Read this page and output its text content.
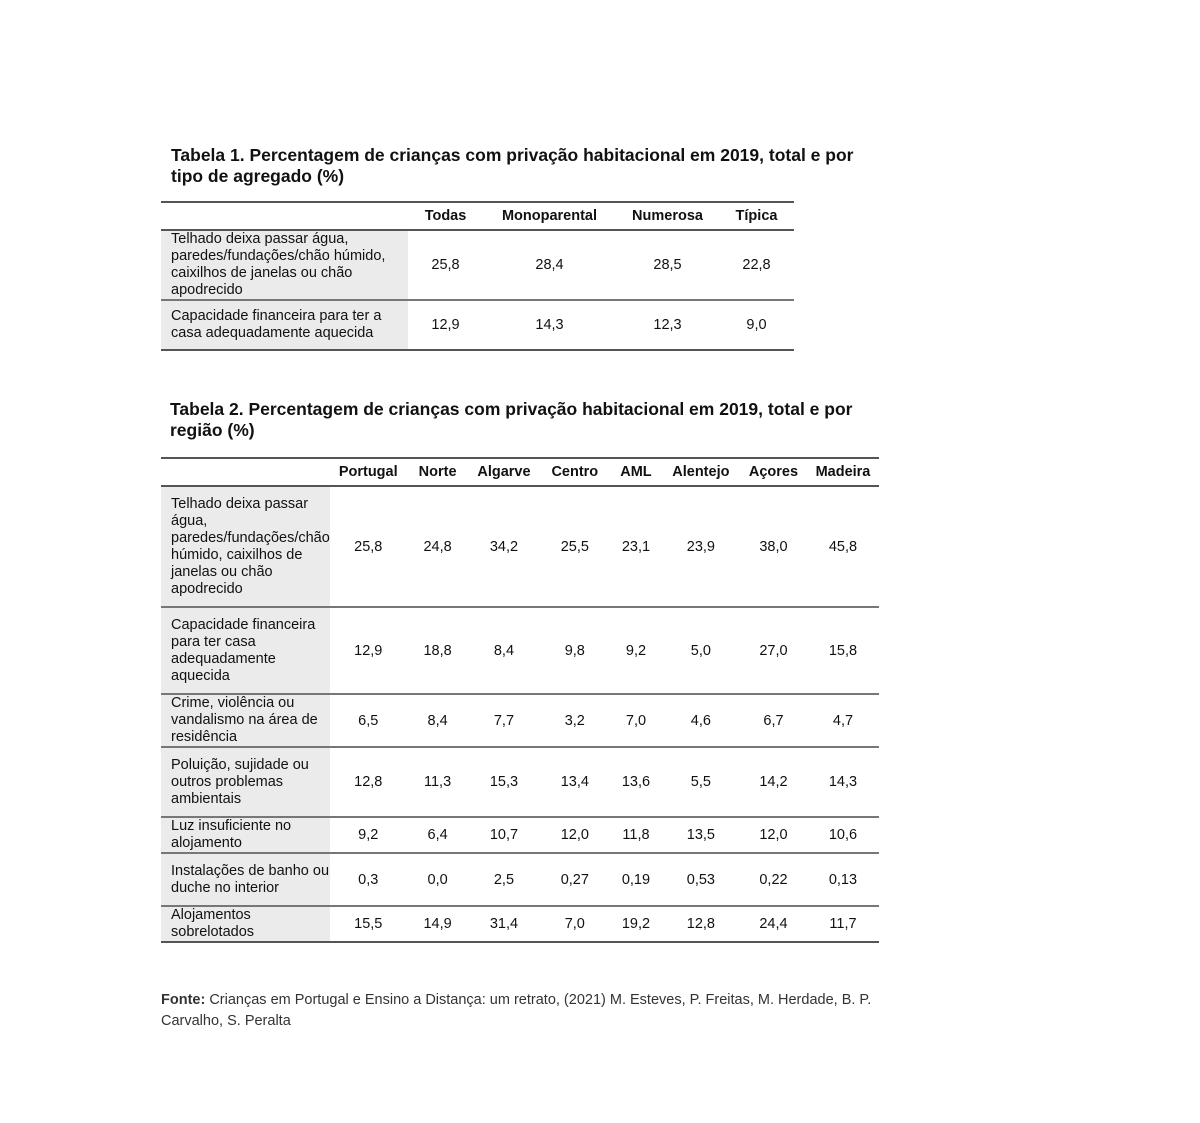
Tabela 1. Percentagem de crianças com privação habitacional em 2019, total e por tipo de agregado (%)
	Todas	Monoparental	Numerosa	Típica
Telhado deixa passar água, paredes/fundações/chão húmido, caixilhos de janelas ou chão apodrecido	25,8	28,4	28,5	22,8
Capacidade financeira para ter a casa adequadamente aquecida	12,9	14,3	12,3	9,0
Tabela 2. Percentagem de crianças com privação habitacional em 2019, total e por região (%)
	Portugal	Norte	Algarve	Centro	AML	Alentejo	Açores	Madeira
Telhado deixa passar água, paredes/fundações/chão húmido, caixilhos de janelas ou chão apodrecido	25,8	24,8	34,2	25,5	23,1	23,9	38,0	45,8
Capacidade financeira para ter casa adequadamente aquecida	12,9	18,8	8,4	9,8	9,2	5,0	27,0	15,8
Crime, violência ou vandalismo na área de residência	6,5	8,4	7,7	3,2	7,0	4,6	6,7	4,7
Poluição, sujidade ou outros problemas ambientais	12,8	11,3	15,3	13,4	13,6	5,5	14,2	14,3
Luz insuficiente no alojamento	9,2	6,4	10,7	12,0	11,8	13,5	12,0	10,6
Instalações de banho ou duche no interior	0,3	0,0	2,5	0,27	0,19	0,53	0,22	0,13
Alojamentos sobrelotados	15,5	14,9	31,4	7,0	19,2	12,8	24,4	11,7

Fonte: Crianças em Portugal e Ensino a Distança: um retrato, (2021) M. Esteves, P. Freitas, M. Herdade, B. P. Carvalho, S. Peralta
